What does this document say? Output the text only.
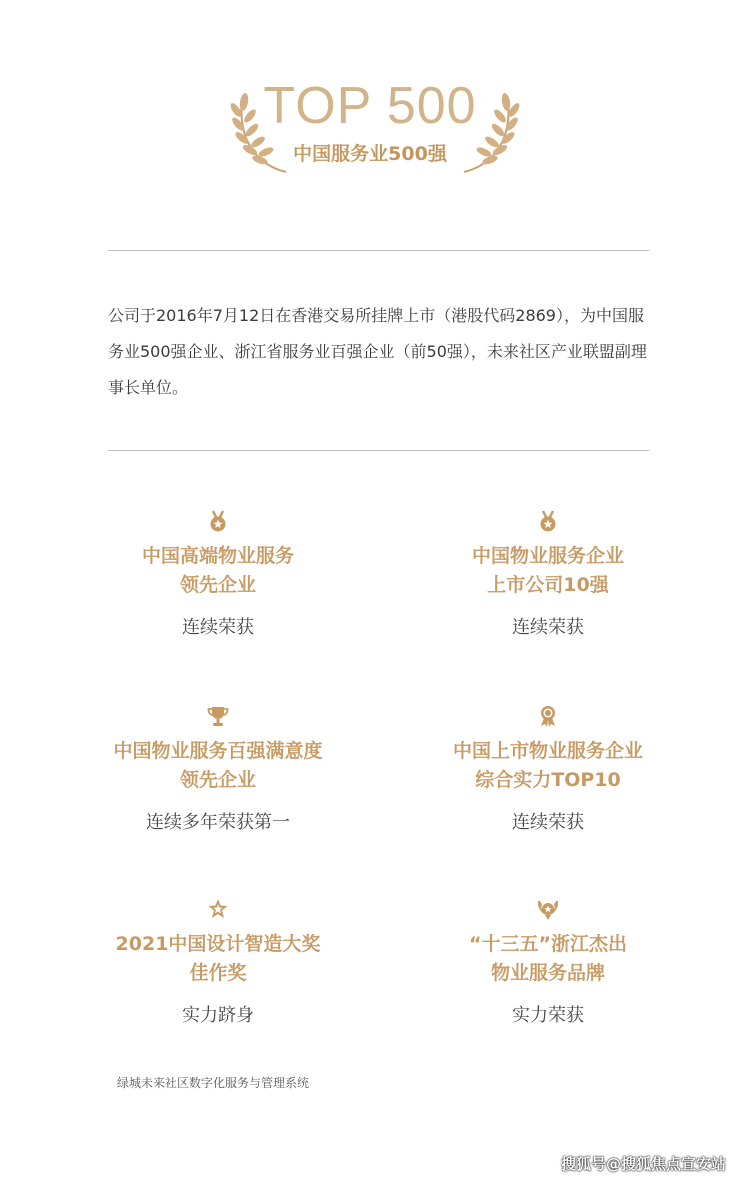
TOP 500
中国服务业500强
公司于2016年7月12日在香港交易所挂牌上市（港股代码2869），为中国服务业500强企业、浙江省服务业百强企业（前50强），未来社区产业联盟副理事长单位。
中国高端物业服务
领先企业
连续荣获
中国物业服务企业
上市公司10强
连续荣获
中国物业服务百强满意度
领先企业
连续多年荣获第一
中国上市物业服务企业
综合实力TOP10
连续荣获
2021中国设计智造大奖
佳作奖
实力跻身
“十三五”浙江杰出
物业服务品牌
实力荣获
绿城未来社区数字化服务与管理系统
搜狐号@搜狐焦点宣安站
